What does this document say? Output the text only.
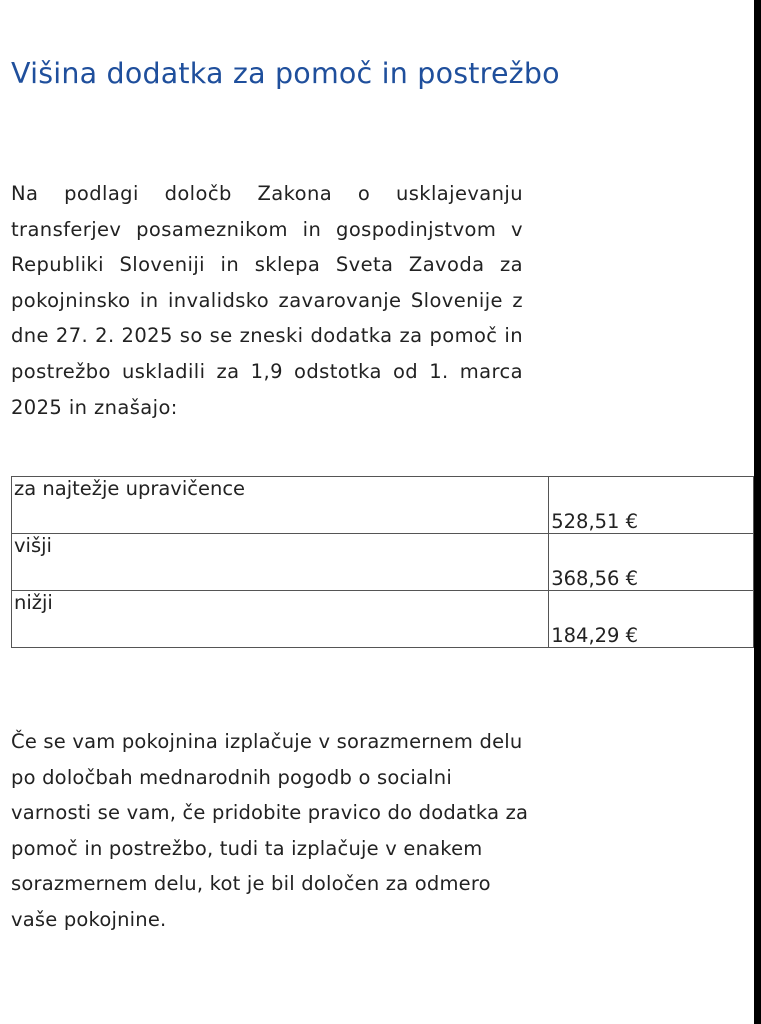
Višina dodatka za pomoč in postrežbo

Na podlagi določb Zakona o usklajevanju transferjev posameznikom in gospodinjstvom v Republiki Sloveniji in sklepa Sveta Zavoda za pokojninsko in invalidsko zavarovanje Slovenije z dne 27. 2. 2025 so se zneski dodatka za pomoč in postrežbo uskladili za 1,9 odstotka od 1. marca 2025 in znašajo:

za najtežje upravičence	528,51 €
višji	368,56 €
nižji	184,29 €

Če se vam pokojnina izplačuje v sorazmernem delu po določbah mednarodnih pogodb o socialni varnosti se vam, če pridobite pravico do dodatka za pomoč in postrežbo, tudi ta izplačuje v enakem sorazmernem delu, kot je bil določen za odmero vaše pokojnine.
